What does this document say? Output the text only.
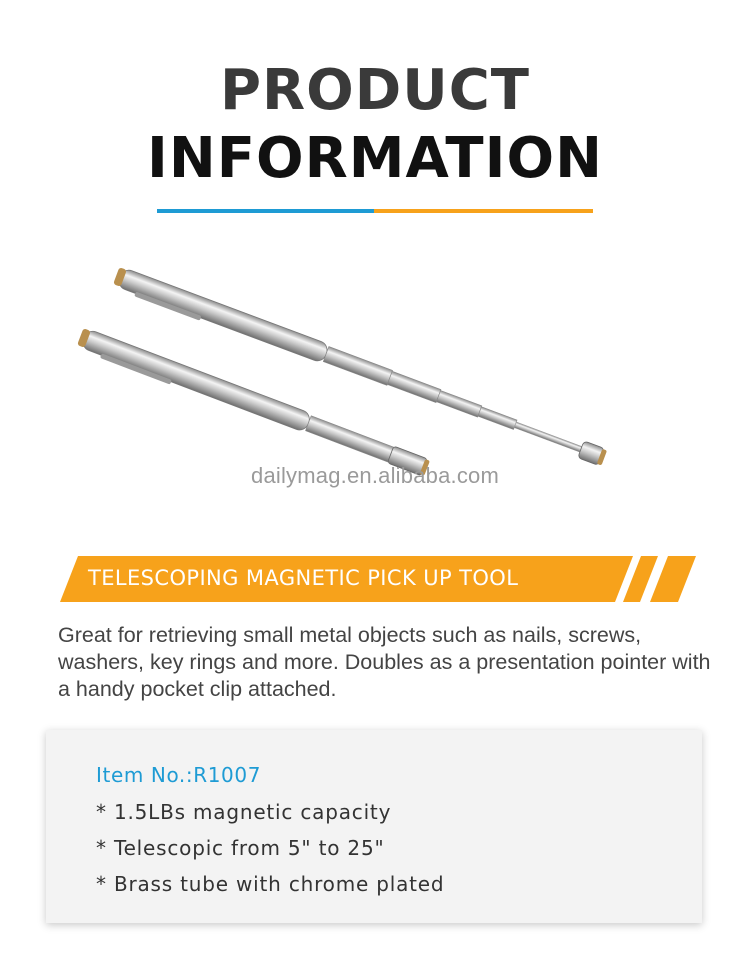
PRODUCT
INFORMATION
dailymag.en.alibaba.com
TELESCOPING MAGNETIC PICK UP TOOL
Great for retrieving small metal objects such as nails, screws, washers, key rings and more. Doubles as a presentation pointer with a handy pocket clip attached.
Item No.:R1007
* 1.5LBs magnetic capacity
* Telescopic from 5" to 25"
* Brass tube with chrome plated
